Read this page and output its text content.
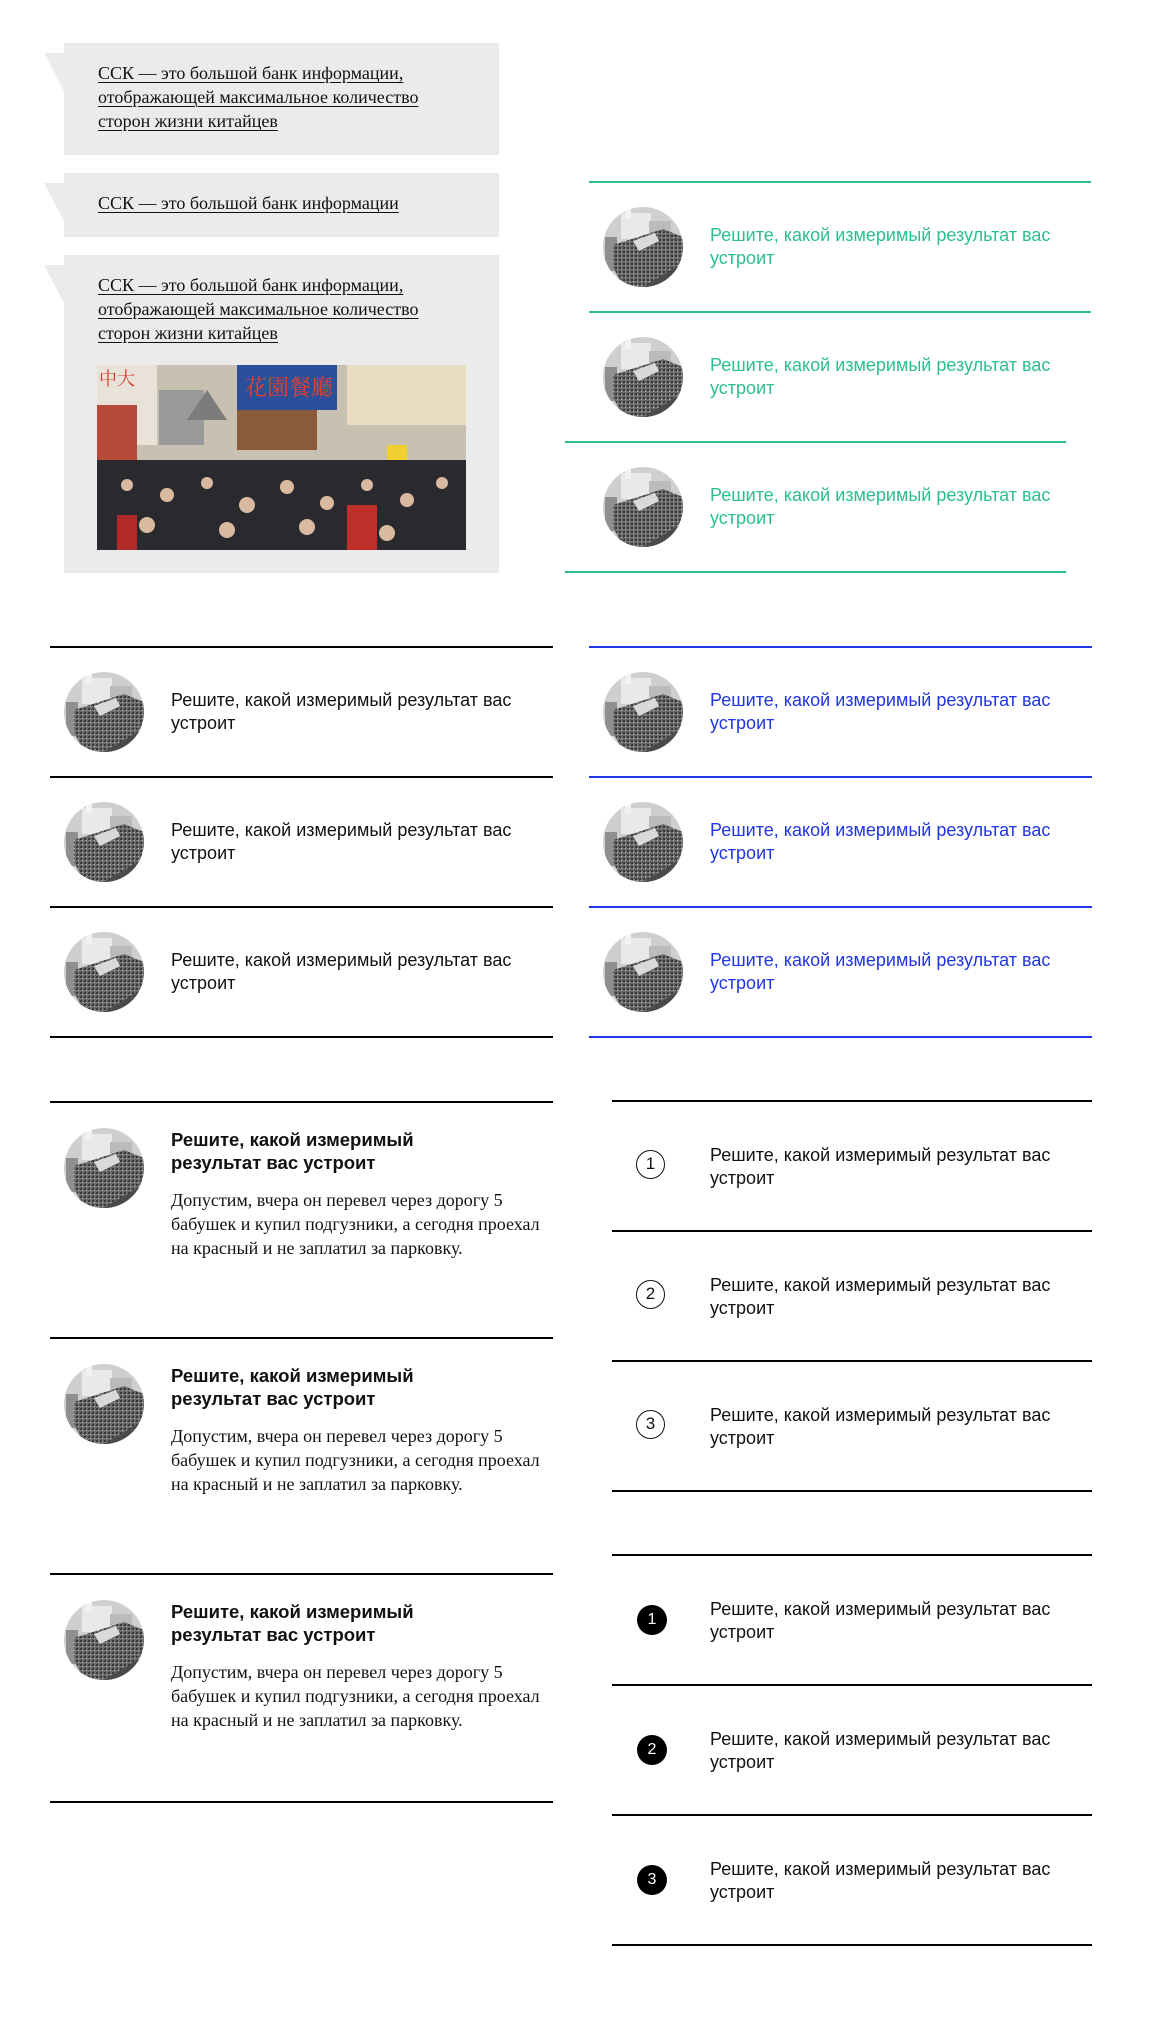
ССК — это большой банк информации, отображающей максимальное количество сторон жизни китайцев
ССК — это большой банк информации
ССК — это большой банк информации, отображающей максимальное количество сторон жизни китайцев
中大	花園餐廳
Решите, какой измеримый результат вас устроит
Решите, какой измеримый результат вас устроит
Решите, какой измеримый результат вас устроит
Решите, какой измеримый результат вас устроит
Решите, какой измеримый результат вас устроит
Решите, какой измеримый результат вас устроит
Решите, какой измеримый результат вас устроит
Решите, какой измеримый результат вас устроит
Решите, какой измеримый результат вас устроит
Решите, какой измеримый результат вас устроит
Допустим, вчера он перевел через дорогу 5 бабушек и купил подгузники, а сегодня проехал
на красный и не заплатил за парковку.
Решите, какой измеримый результат вас устроит
Допустим, вчера он перевел через дорогу 5 бабушек и купил подгузники, а сегодня проехал
на красный и не заплатил за парковку.
Решите, какой измеримый результат вас устроит
Допустим, вчера он перевел через дорогу 5 бабушек и купил подгузники, а сегодня проехал
на красный и не заплатил за парковку.
1	Решите, какой измеримый результат вас устроит
2	Решите, какой измеримый результат вас устроит
3	Решите, какой измеримый результат вас устроит
1
Решите, какой измеримый результат вас устроит
2
Решите, какой измеримый результат вас устроит
3
Решите, какой измеримый результат вас устроит
